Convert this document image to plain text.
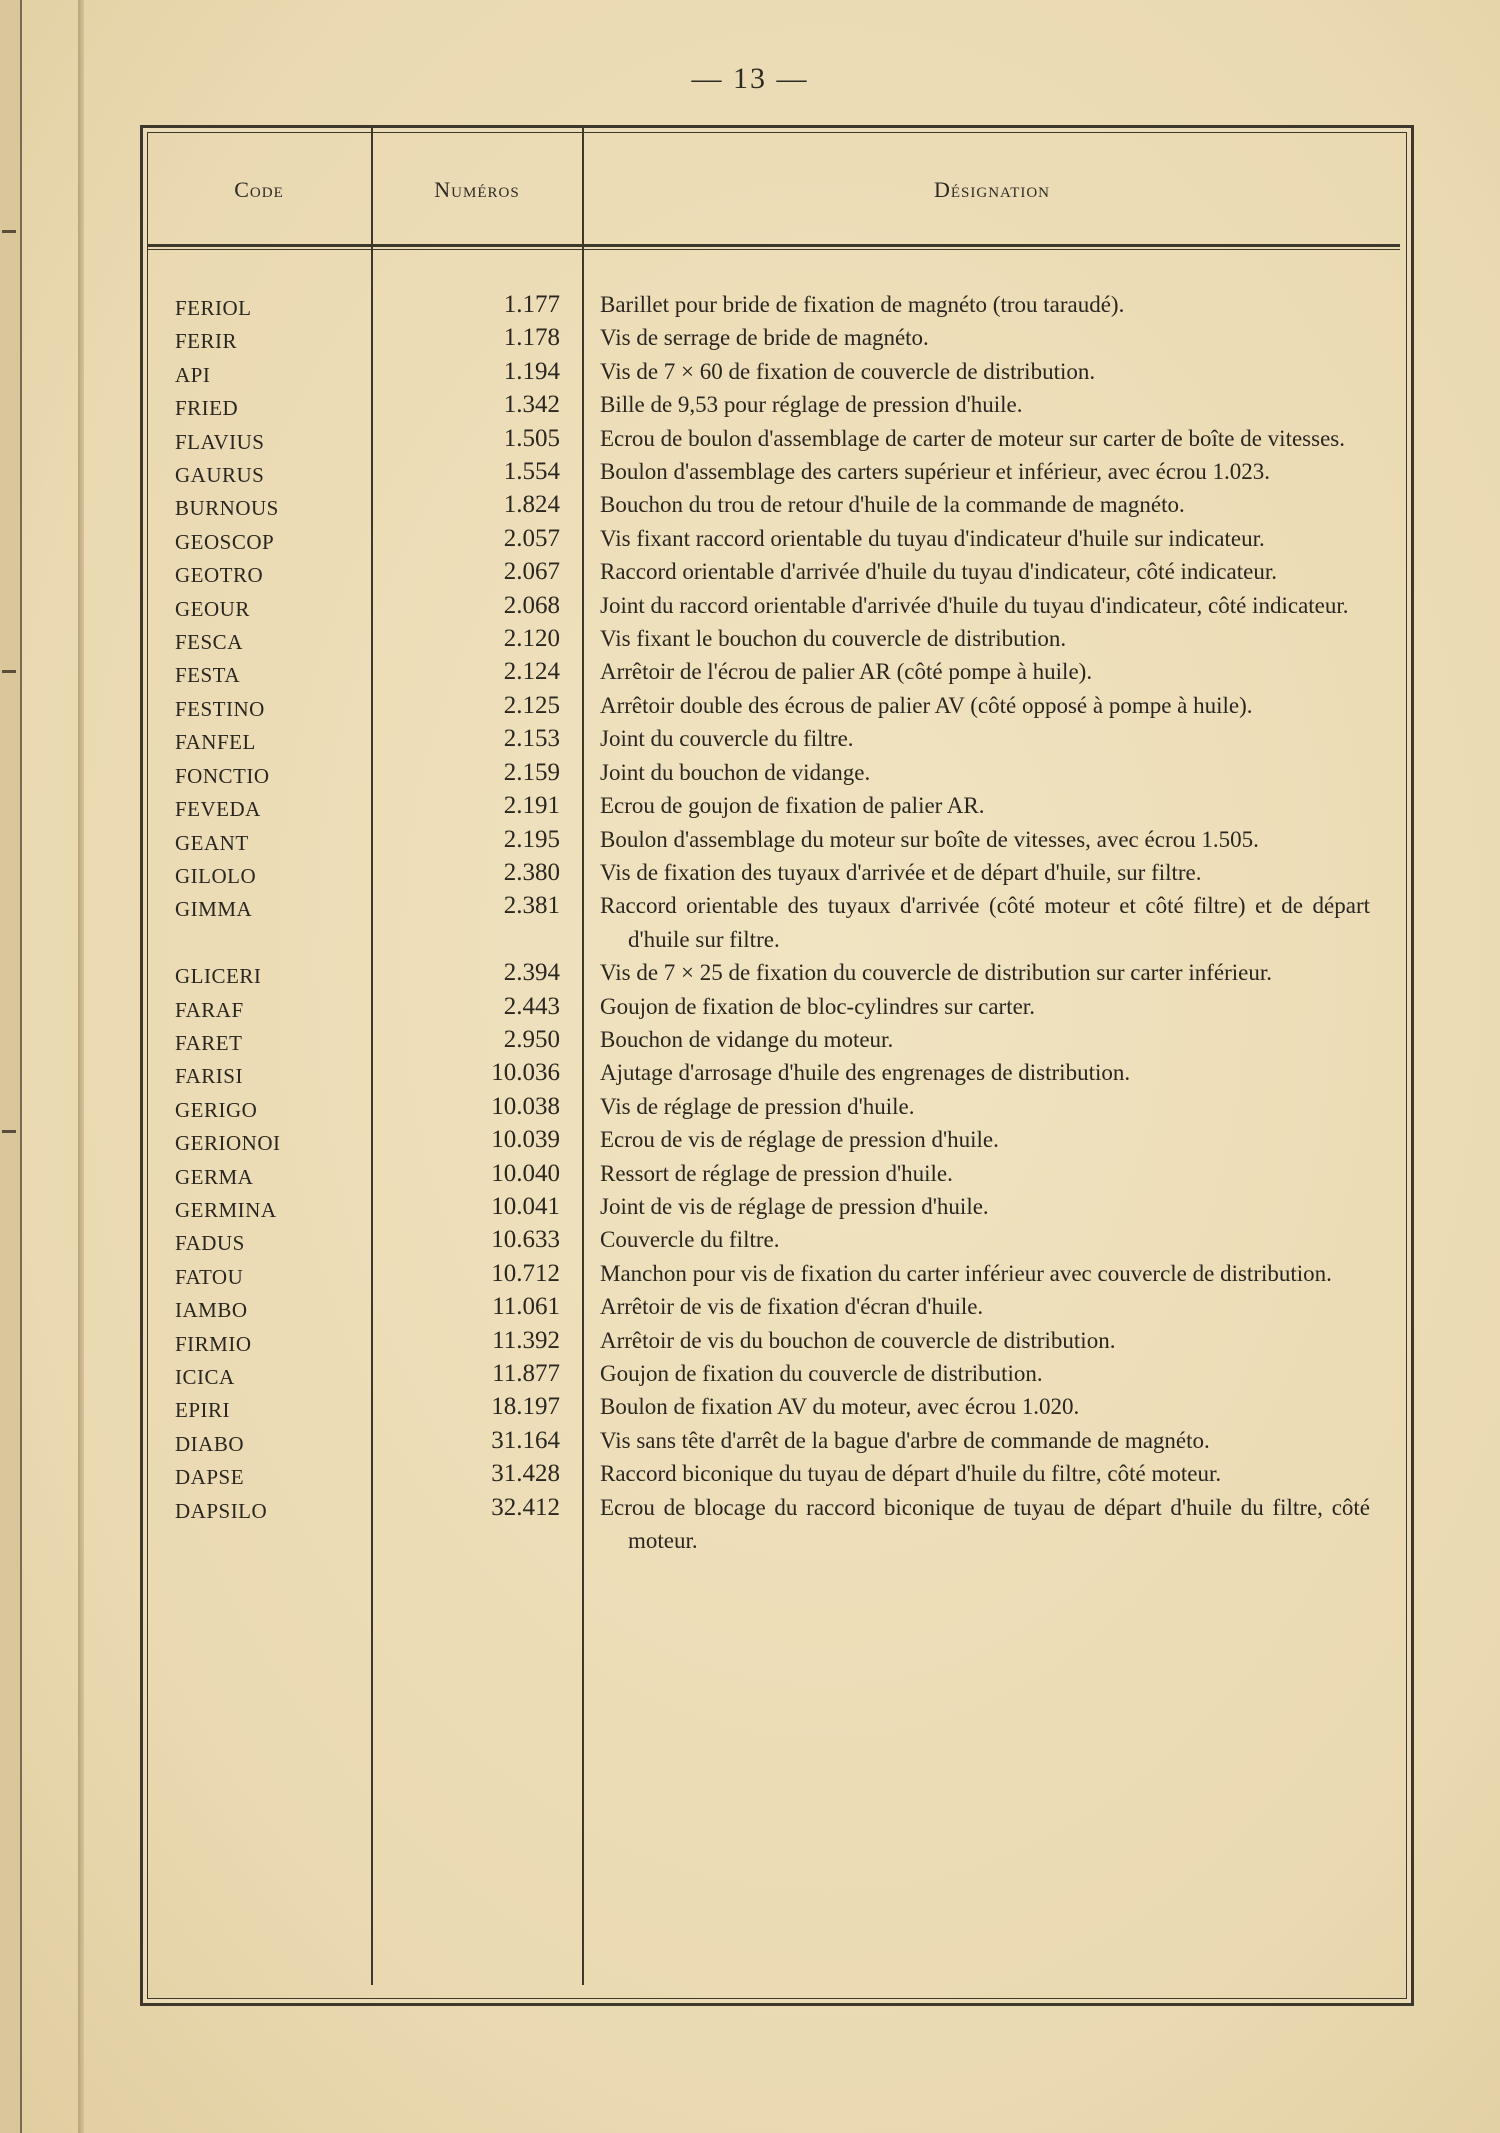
— 13 —
Code	Numéros	Désignation
FERIOL	1.177 Barillet pour bride de fixation de magnéto (trou taraudé).
FERIR	1.178 Vis de serrage de bride de magnéto.
API	1.194 Vis de 7 × 60 de fixation de couvercle de distribution.
FRIED	1.342 Bille de 9,53 pour réglage de pression d'huile.
FLAVIUS	1.505 Ecrou de boulon d'assemblage de carter de moteur sur carter de boîte de vitesses.
GAURUS	1.554 Boulon d'assemblage des carters supérieur et inférieur, avec écrou 1.023.
BURNOUS	1.824 Bouchon du trou de retour d'huile de la commande de magnéto.
GEOSCOP	2.057 Vis fixant raccord orientable du tuyau d'indicateur d'huile sur indicateur.
GEOTRO	2.067 Raccord orientable d'arrivée d'huile du tuyau d'indicateur, côté indicateur.
GEOUR	2.068 Joint du raccord orientable d'arrivée d'huile du tuyau d'indicateur, côté indicateur.
FESCA	2.120 Vis fixant le bouchon du couvercle de distribution.
FESTA	2.124 Arrêtoir de l'écrou de palier AR (côté pompe à huile).
FESTINO	2.125 Arrêtoir double des écrous de palier AV (côté opposé à pompe à huile).
FANFEL	2.153 Joint du couvercle du filtre.
FONCTIO	2.159 Joint du bouchon de vidange.
FEVEDA	2.191 Ecrou de goujon de fixation de palier AR.
GEANT	2.195 Boulon d'assemblage du moteur sur boîte de vitesses, avec écrou 1.505.
GILOLO	2.380 Vis de fixation des tuyaux d'arrivée et de départ d'huile, sur filtre.
GIMMA	2.381 Raccord orientable des tuyaux d'arrivée (côté moteur et côté filtre) et de départ d'huile sur filtre.
GLICERI	2.394 Vis de 7 × 25 de fixation du couvercle de distribution sur carter inférieur.
FARAF	2.443 Goujon de fixation de bloc-cylindres sur carter.
FARET	2.950 Bouchon de vidange du moteur.
FARISI	10.036 Ajutage d'arrosage d'huile des engrenages de distribution.
GERIGO	10.038 Vis de réglage de pression d'huile.
GERIONOI	10.039 Ecrou de vis de réglage de pression d'huile.
GERMA	10.040 Ressort de réglage de pression d'huile.
GERMINA	10.041 Joint de vis de réglage de pression d'huile.
FADUS	10.633 Couvercle du filtre.
FATOU	10.712 Manchon pour vis de fixation du carter inférieur avec couvercle de distribution.
IAMBO	11.061 Arrêtoir de vis de fixation d'écran d'huile.
FIRMIO	11.392 Arrêtoir de vis du bouchon de couvercle de distribution.
ICICA	11.877 Goujon de fixation du couvercle de distribution.
EPIRI	18.197 Boulon de fixation AV du moteur, avec écrou 1.020.
DIABO	31.164 Vis sans tête d'arrêt de la bague d'arbre de commande de magnéto.
DAPSE	31.428 Raccord biconique du tuyau de départ d'huile du filtre, côté moteur.
DAPSILO	32.412 Ecrou de blocage du raccord biconique de tuyau de départ d'huile du filtre, côté moteur.
